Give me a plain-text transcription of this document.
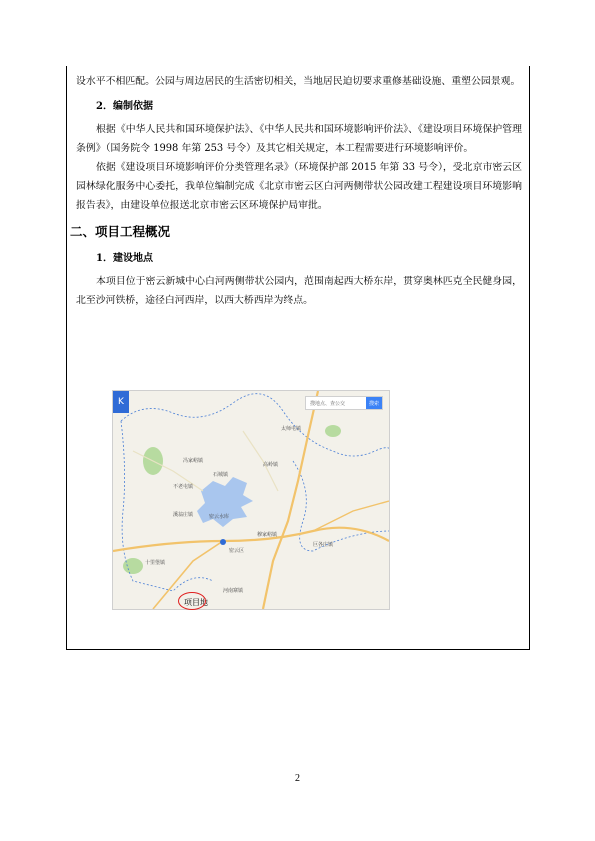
设水平不相匹配。公园与周边居民的生活密切相关，当地居民迫切要求重修基础设施、重塑公园景观。

2．编制依据

根据《中华人民共和国环境保护法》、《中华人民共和国环境影响评价法》、《建设项目环境保护管理条例》（国务院令 1998 年第 253 号令）及其它相关规定，本工程需要进行环境影响评价。

依据《建设项目环境影响评价分类管理名录》（环境保护部 2015 年第 33 号令），受北京市密云区园林绿化服务中心委托，我单位编制完成《北京市密云区白河两侧带状公园改建工程建设项目环境影响报告表》，由建设单位报送北京市密云区环境保护局审批。

二、项目工程概况

1．建设地点

本项目位于密云新城中心白河两侧带状公园内，范围南起西大桥东岸，贯穿奥林匹克全民健身园，北至沙河铁桥，途径白河西岸，以西大桥西岸为终点。

K	搜地点、查公交	搜索
密云水库
密云区
太师屯镇
不老屯镇
冯家峪镇
穆家峪镇
溪翁庄镇
巨各庄镇
河南寨镇
十里堡镇
高岭镇
石城镇
项目地
2
